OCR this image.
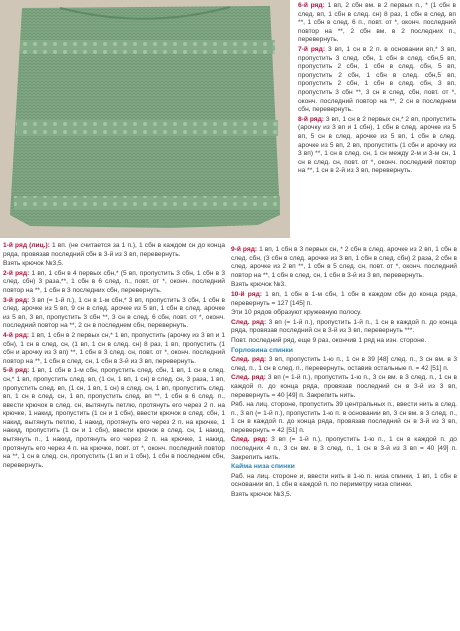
6-й ряд: 1 вп, 2 сбн вм. в 2 первых п., * (1 сбн в след. вп, 1 сбн в след. сн) 8 раз, 1 сбн в след. вп **, 1 сбн в след. 6 п., повт. от *, оконч. последний повтор на **, 2 сбн вм. в 2 последних п., перевернуть.

7-й ряд: 3 вп, 1 сн в 2 п. в основании вп,* 3 вп, пропустить 3 след. сбн, 1 сбн в след. сбн,5 вп, пропустить 2 сбн, 1 сбн в след. сбн, 5 вп, пропустить 2 сбн, 1 сбн в след. сбн,5 вп, пропустить 2 сбн, 1 сбн в след. сбн, 3 вп, пропустить 3 сбн **, 3 сн в след. сбн, повт. от *, оконч. последний повтор на **, 2 сн в последнем сбн, перевернуть.

8-й ряд: 3 вп, 1 сн в 2 первых сн,* 2 вп, пропустить (арочку из 3 вп и 1 сбн), 1 сбн в след. арочке из 5 вп, 5 сн в след. арочке из 5 вп, 1 сбн в след. арочке из 5 вп, 2 вп, пропустить (1 сбн и арочку из 3 вп) **, 1 сн в след. сн, 1 сн между 2-м и 3-м сн, 1 сн в след. сн, повт. от *, оконч. последний повтор на **, 1 сн в 2-й из 3 вп, перевернуть.

1-й ряд (лиц.): 1 вп. (не считается за 1 п.), 1 сбн в каждом сн до конца ряда, провязав последний сбн в 3-й из 3 вп, перевернуть.

Взять крючок №3,5.

2-й ряд: 1 вп, 1 сбн в 4 первых сбн,* (5 вп, пропустить 3 сбн, 1 сбн в 3 след. сбн) 3 раза,**, 1 сбн в 6 след. п., повт. от *, оконч. последний повтор на **, 1 сбн в 3 последних сбн, перевернуть.

3-й ряд: 3 вп (= 1-й п.), 1 сн в 1-м сбн,* 3 вп, пропустить 3 сбн, 1 сбн в след. арочке из 5 вп, 9 сн в след. арочке из 5 вп, 1 сбн в след. арочке из 5 вп, 3 вп, пропустить 3 сбн **, 3 сн в след. 6 сбн, повт. от *, оконч. последний повтор на **, 2 сн в последнем сбн, перевернуть.

4-й ряд: 1 вп, 1 сбн в 2 первых сн,* 1 вп, пропустить (арочку из 3 вп и 1 сбн), 1 сн в след. сн, (1 вп, 1 сн в след. сн) 8 раз, 1 вп, пропустить (1 сбн и арочку из 3 вп) **, 1 сбн в 3 след. сн, повт. от *, оконч. последний повтор на **, 1 сбн в след. сн, 1 сбн в 3-й из 3 вп, перевернуть.

5-й ряд: 1 вп, 1 сбн в 1-м сбн, пропустить след. сбн, 1 вп, 1 сн в след. сн,* 1 вп, пропустить след. вп, (1 сн, 1 вп, 1 сн) в след. сн, 3 раза, 1 вп, пропустить след. вп, (1 сн, 1 вп, 1 сн) в след. сн, 1 вп, пропустить след. вп, 1 сн в след. сн, 1 вп, пропустить след. вп **, 1 сбн в 6 след. п., ввести крючок в след. сн, вытянуть петлю, протянуть его через 2 п. на крючке, 1 накид, пропустить (1 сн и 1 сбн), ввести крючок в след. сбн, 1 накид, вытянуть петлю, 1 накид, протянуть его через 2 п. на крючке, 1 накид, пропустить (1 сн и 1 сбн), ввести крючок в след. сн, 1 накид, вытянуть п., 1 накид, протянуть его через 2 п. на крючке, 1 накид, протянуть его через 4 п. на крючке, повт. от *, оконч. последний повтор на **, 1 сн в след. сн, пропустить (1 вп и 1 сбн), 1 сбн в последнем сбн, перевернуть.

9-й ряд: 1 вп, 1 сбн в 3 первых сн, * 2 сбн в след. арочке из 2 вп, 1 сбн в след. сбн, (3 сбн в след. арочке из 3 вп, 1 сбн в след. сбн) 2 раза, 2 сбн в след. арочке из 2 вп **, 1 сбн в 5 след. сн, повт. от *, оконч. последний повтор на **, 1 сбн в след. сн, 1 сбн в 3-й из 3 вп, перевернуть.

Взять крючок №3.

10-й ряд: 1 вп, 1 сбн в 1-м сбн, 1 сбн в каждом сбн до конца ряда, перевернуть = 127 [145] п.

Эти 10 рядов образуют кружевную полосу.

След. ряд: 3 вп (= 1-й п.), пропустить 1-й п., 1 сн в каждой п. до конца ряда, провязав последний сн в 3-й из 3 вп, перевернуть ***.

Повт. последний ряд, еще 9 раз, окончив 1 ряд на изн. стороне.

Горловина спинки

След. ряд: 3 вп, пропустить 1-ю п., 1 сн в 39 [48] след. п., 3 сн вм. в 3 след. п., 1 сн в след. п., перевернуть, оставив остальные п. = 42 [51] п.

След. ряд: 3 вп (= 1-й п.), пропустить 1-ю п., 3 сн вм. в 3 след. п., 1 сн в каждой п. до конца ряда, провязав последний сн в 3-й из 3 вп, перевернуть = 40 [49] п. Закрепить нить.

Ряб. на лиц. стороне, пропустить 39 центральных п., ввести нить в след. п., 3 вп (= 1-й п.), пропустить 1-ю п. в основании вп, 3 сн вм. в 3 след. п., 1 сн в каждой п. до конца ряда, провязав последний сн в 3-й из 3 вп, перевернуть = 42 [51] п.

След. ряд: 3 вп (= 1-й п.), пропустить 1-ю п., 1 сн в каждой п. до последних 4 п., 3 сн вм. в 3 след. п., 1 сн в 3-й из 3 вп = 40 [49] п. Закрепить нить.

Кайма низа спинки

Раб. на лиц. стороне и, ввести нить в 1-ю п. низа спинки, 1 вп, 1 сбн в основании вп, 1 сбн в каждой п. по периметру низа спинки.

Взять крючок №3,5.
